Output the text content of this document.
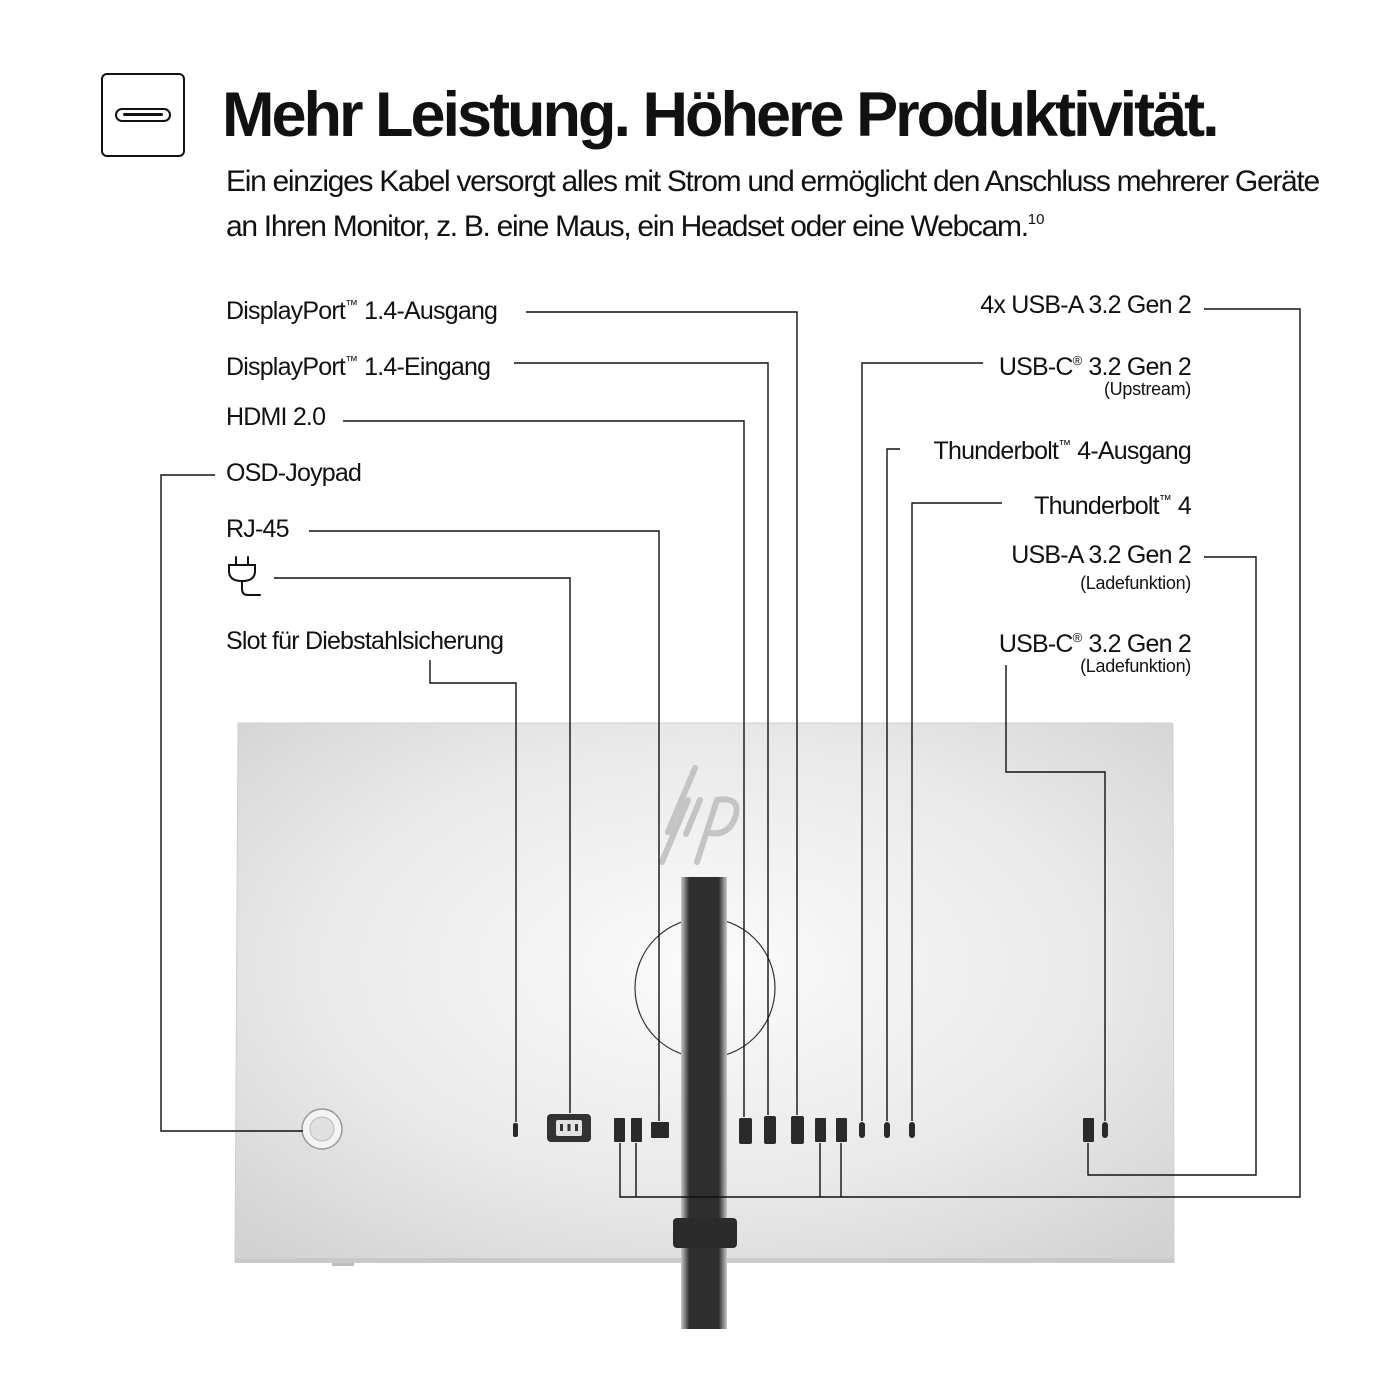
Mehr Leistung. Höhere Produktivität.
Ein einziges Kabel versorgt alles mit Strom und ermöglicht den Anschluss mehrerer Geräte an Ihren Monitor, z. B. eine Maus, ein Headset oder eine Webcam.$^{10}$
DisplayPort™ 1.4-Ausgang
DisplayPort™ 1.4-Eingang
HDMI 2.0
OSD-Joypad
RJ-45
Slot für Diebstahlsicherung
4x USB-A 3.2 Gen 2
USB-C® 3.2 Gen 2
(Upstream)
Thunderbolt™ 4-Ausgang
Thunderbolt™ 4
USB-A 3.2 Gen 2
(Ladefunktion)
USB-C® 3.2 Gen 2
(Ladefunktion)
